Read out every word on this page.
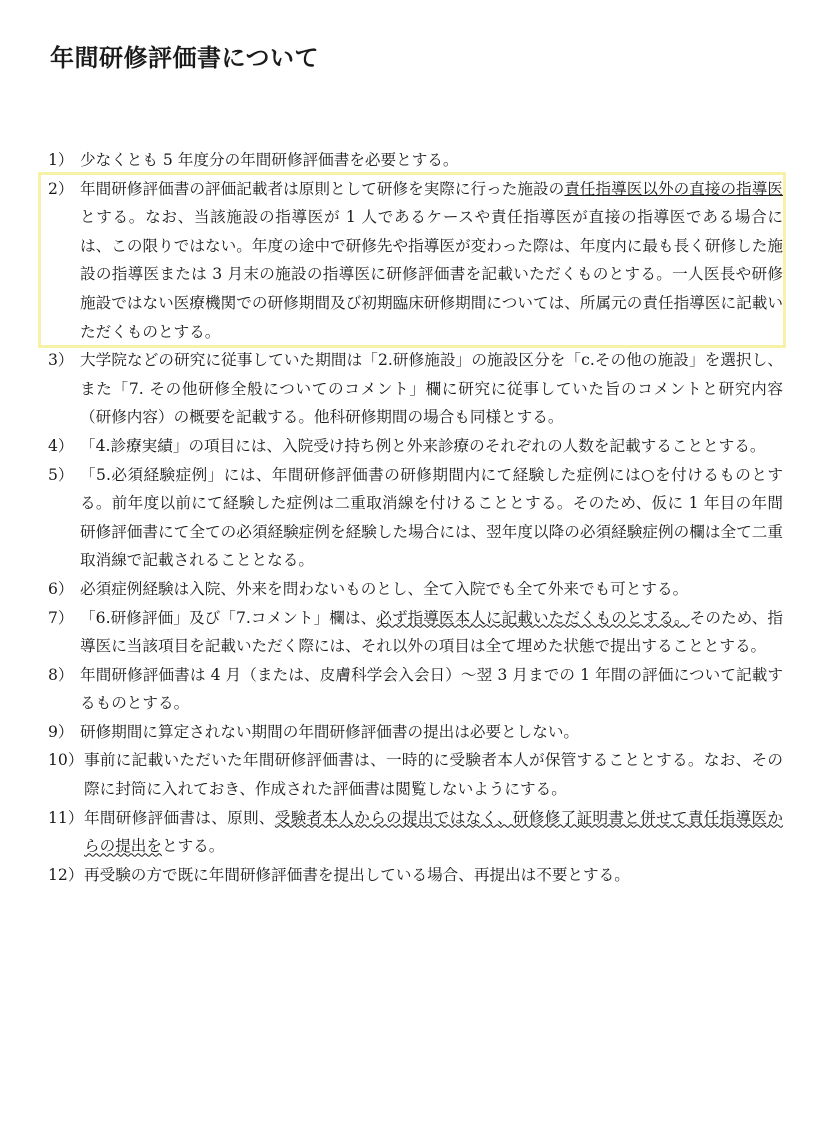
年間研修評価書について
1） 少なくとも 5 年度分の年間研修評価書を必要とする。
2） 年間研修評価書の評価記載者は原則として研修を実際に行った施設の責任指導医以外の直接の指導医とする。なお、当該施設の指導医が 1 人であるケースや責任指導医が直接の指導医である場合には、この限りではない。年度の途中で研修先や指導医が変わった際は、年度内に最も長く研修した施設の指導医または 3 月末の施設の指導医に研修評価書を記載いただくものとする。一人医長や研修施設ではない医療機関での研修期間及び初期臨床研修期間については、所属元の責任指導医に記載いただくものとする。
3） 大学院などの研究に従事していた期間は「2.研修施設」の施設区分を「c.その他の施設」を選択し、また「7. その他研修全般についてのコメント」欄に研究に従事していた旨のコメントと研究内容（研修内容）の概要を記載する。他科研修期間の場合も同様とする。
4） 「4.診療実績」の項目には、入院受け持ち例と外来診療のそれぞれの人数を記載することとする。
5） 「5.必須経験症例」には、年間研修評価書の研修期間内にて経験した症例には○を付けるものとする。前年度以前にて経験した症例は二重取消線を付けることとする。そのため、仮に 1 年目の年間研修評価書にて全ての必須経験症例を経験した場合には、翌年度以降の必須経験症例の欄は全て二重取消線で記載されることとなる。
6） 必須症例経験は入院、外来を問わないものとし、全て入院でも全て外来でも可とする。
7） 「6.研修評価」及び「7.コメント」欄は、必ず指導医本人に記載いただくものとする。そのため、指導医に当該項目を記載いただく際には、それ以外の項目は全て埋めた状態で提出することとする。
8） 年間研修評価書は 4 月（または、皮膚科学会入会日）～翌 3 月までの 1 年間の評価について記載するものとする。
9） 研修期間に算定されない期間の年間研修評価書の提出は必要としない。
10） 事前に記載いただいた年間研修評価書は、一時的に受験者本人が保管することとする。なお、その際に封筒に入れておき、作成された評価書は閲覧しないようにする。
11） 年間研修評価書は、原則、受験者本人からの提出ではなく、研修修了証明書と併せて責任指導医からの提出をとする。
12） 再受験の方で既に年間研修評価書を提出している場合、再提出は不要とする。
